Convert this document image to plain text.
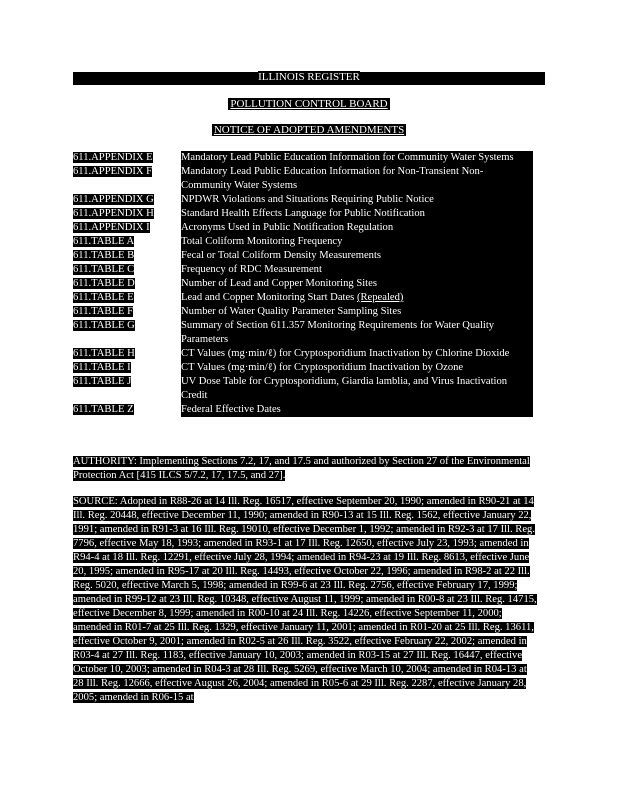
ILLINOIS REGISTER
POLLUTION CONTROL BOARD
NOTICE OF ADOPTED AMENDMENTS
611.APPENDIX E	Mandatory Lead Public Education Information for Community Water Systems
611.APPENDIX F	Mandatory Lead Public Education Information for Non-Transient Non-Community Water Systems
611.APPENDIX G	NPDWR Violations and Situations Requiring Public Notice
611.APPENDIX H	Standard Health Effects Language for Public Notification
611.APPENDIX I	Acronyms Used in Public Notification Regulation
611.TABLE A	Total Coliform Monitoring Frequency
611.TABLE B	Fecal or Total Coliform Density Measurements
611.TABLE C	Frequency of RDC Measurement
611.TABLE D	Number of Lead and Copper Monitoring Sites
611.TABLE E	Lead and Copper Monitoring Start Dates (Repealed)
611.TABLE F	Number of Water Quality Parameter Sampling Sites
611.TABLE G	Summary of Section 611.357 Monitoring Requirements for Water Quality Parameters
611.TABLE H	CT Values (mg·min/ℓ) for Cryptosporidium Inactivation by Chlorine Dioxide
611.TABLE I	CT Values (mg·min/ℓ) for Cryptosporidium Inactivation by Ozone
611.TABLE J	UV Dose Table for Cryptosporidium, Giardia lamblia, and Virus Inactivation Credit
611.TABLE Z	Federal Effective Dates
AUTHORITY: Implementing Sections 7.2, 17, and 17.5 and authorized by Section 27 of the Environmental Protection Act [415 ILCS 5/7.2, 17, 17.5, and 27].
SOURCE: Adopted in R88-26 at 14 Ill. Reg. 16517, effective September 20, 1990; amended in R90-21 at 14 Ill. Reg. 20448, effective December 11, 1990; amended in R90-13 at 15 Ill. Reg. 1562, effective January 22, 1991; amended in R91-3 at 16 Ill. Reg. 19010, effective December 1, 1992; amended in R92-3 at 17 Ill. Reg. 7796, effective May 18, 1993; amended in R93-1 at 17 Ill. Reg. 12650, effective July 23, 1993; amended in R94-4 at 18 Ill. Reg. 12291, effective July 28, 1994; amended in R94-23 at 19 Ill. Reg. 8613, effective June 20, 1995; amended in R95-17 at 20 Ill. Reg. 14493, effective October 22, 1996; amended in R98-2 at 22 Ill. Reg. 5020, effective March 5, 1998; amended in R99-6 at 23 Ill. Reg. 2756, effective February 17, 1999; amended in R99-12 at 23 Ill. Reg. 10348, effective August 11, 1999; amended in R00-8 at 23 Ill. Reg. 14715, effective December 8, 1999; amended in R00-10 at 24 Ill. Reg. 14226, effective September 11, 2000; amended in R01-7 at 25 Ill. Reg. 1329, effective January 11, 2001; amended in R01-20 at 25 Ill. Reg. 13611, effective October 9, 2001; amended in R02-5 at 26 Ill. Reg. 3522, effective February 22, 2002; amended in R03-4 at 27 Ill. Reg. 1183, effective January 10, 2003; amended in R03-15 at 27 Ill. Reg. 16447, effective October 10, 2003; amended in R04-3 at 28 Ill. Reg. 5269, effective March 10, 2004; amended in R04-13 at 28 Ill. Reg. 12666, effective August 26, 2004; amended in R05-6 at 29 Ill. Reg. 2287, effective January 28, 2005; amended in R06-15 at
